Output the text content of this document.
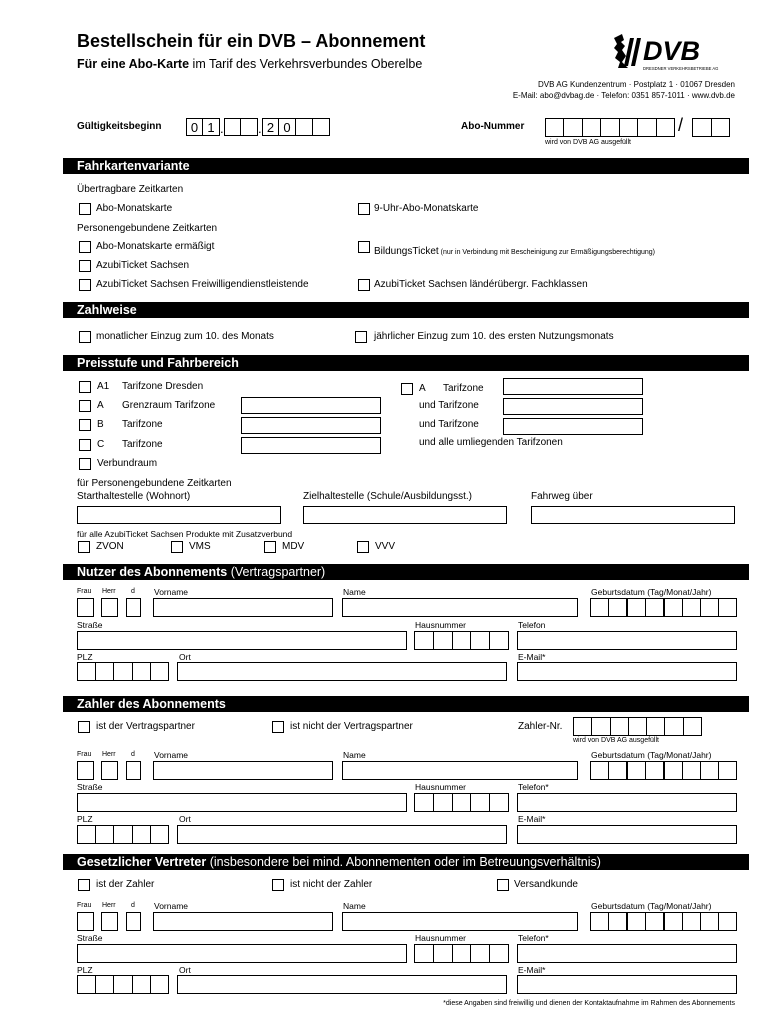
Bestellschein für ein DVB – Abonnement
Für eine Abo-Karte im Tarif des Verkehrsverbundes Oberelbe	DVB
DRESDNER VERKEHRSBETRIEBE AG
DVB AG Kundenzentrum · Postplatz 1 · 01067 Dresden
E-Mail: abo@dvbag.de · Telefon: 0351 857-1011 · www.dvb.de
Gültigkeitsbeginn	0 1 .	. 2 0	Abo-Nummer	/
wird von DVB AG ausgefüllt
Fahrkartenvariante
Übertragbare Zeitkarten
Abo-Monatskarte	9-Uhr-Abo-Monatskarte
Personengebundene Zeitkarten
Abo-Monatskarte ermäßigt	BildungsTicket (nur in Verbindung mit Bescheinigung zur Ermäßigungsberechtigung)
AzubiTicket Sachsen
AzubiTicket Sachsen Freiwilligendienstleistende	AzubiTicket Sachsen ländérübergr. Fachklassen
Zahlweise
monatlicher Einzug zum 10. des Monats	jährlicher Einzug zum 10. des ersten Nutzungsmonats
Preisstufe und Fahrbereich
A1 Tarifzone Dresden
A Grenzraum Tarifzone
B Tarifzone
C Tarifzone
Verbundraum
A Tarifzone
und Tarifzone
und Tarifzone
und alle umliegenden Tarifzonen
für Personengebundene Zeitkarten
Starthaltestelle (Wohnort)	Zielhaltestelle (Schule/Ausbildungsst.)	Fahrweg über
für alle AzubiTicket Sachsen Produkte mit Zusatzverbund
ZVON	VMS	MDV	VVV
Nutzer des Abonnements (Vertragspartner)
Frau Herr d Vorname	Name	Geburtsdatum (Tag/Monat/Jahr)
Straße	Hausnummer	Telefon
PLZ	Ort	E-Mail*
Zahler des Abonnements
ist der Vertragspartner	ist nicht der Vertragspartner	Zahler-Nr.
wird von DVB AG ausgefüllt
Frau Herr d Vorname	Name	Geburtsdatum (Tag/Monat/Jahr)
Straße	Hausnummer	Telefon*
PLZ	Ort	E-Mail*
Gesetzlicher Vertreter (insbesondere bei mind. Abonnementen oder im Betreuungsverhältnis)
ist der Zahler	ist nicht der Zahler	Versandkunde
Frau Herr d Vorname	Name	Geburtsdatum (Tag/Monat/Jahr)
Straße	Hausnummer	Telefon*
PLZ	Ort	E-Mail*
*diese Angaben sind freiwillig und dienen der Kontaktaufnahme im Rahmen des Abonnements
